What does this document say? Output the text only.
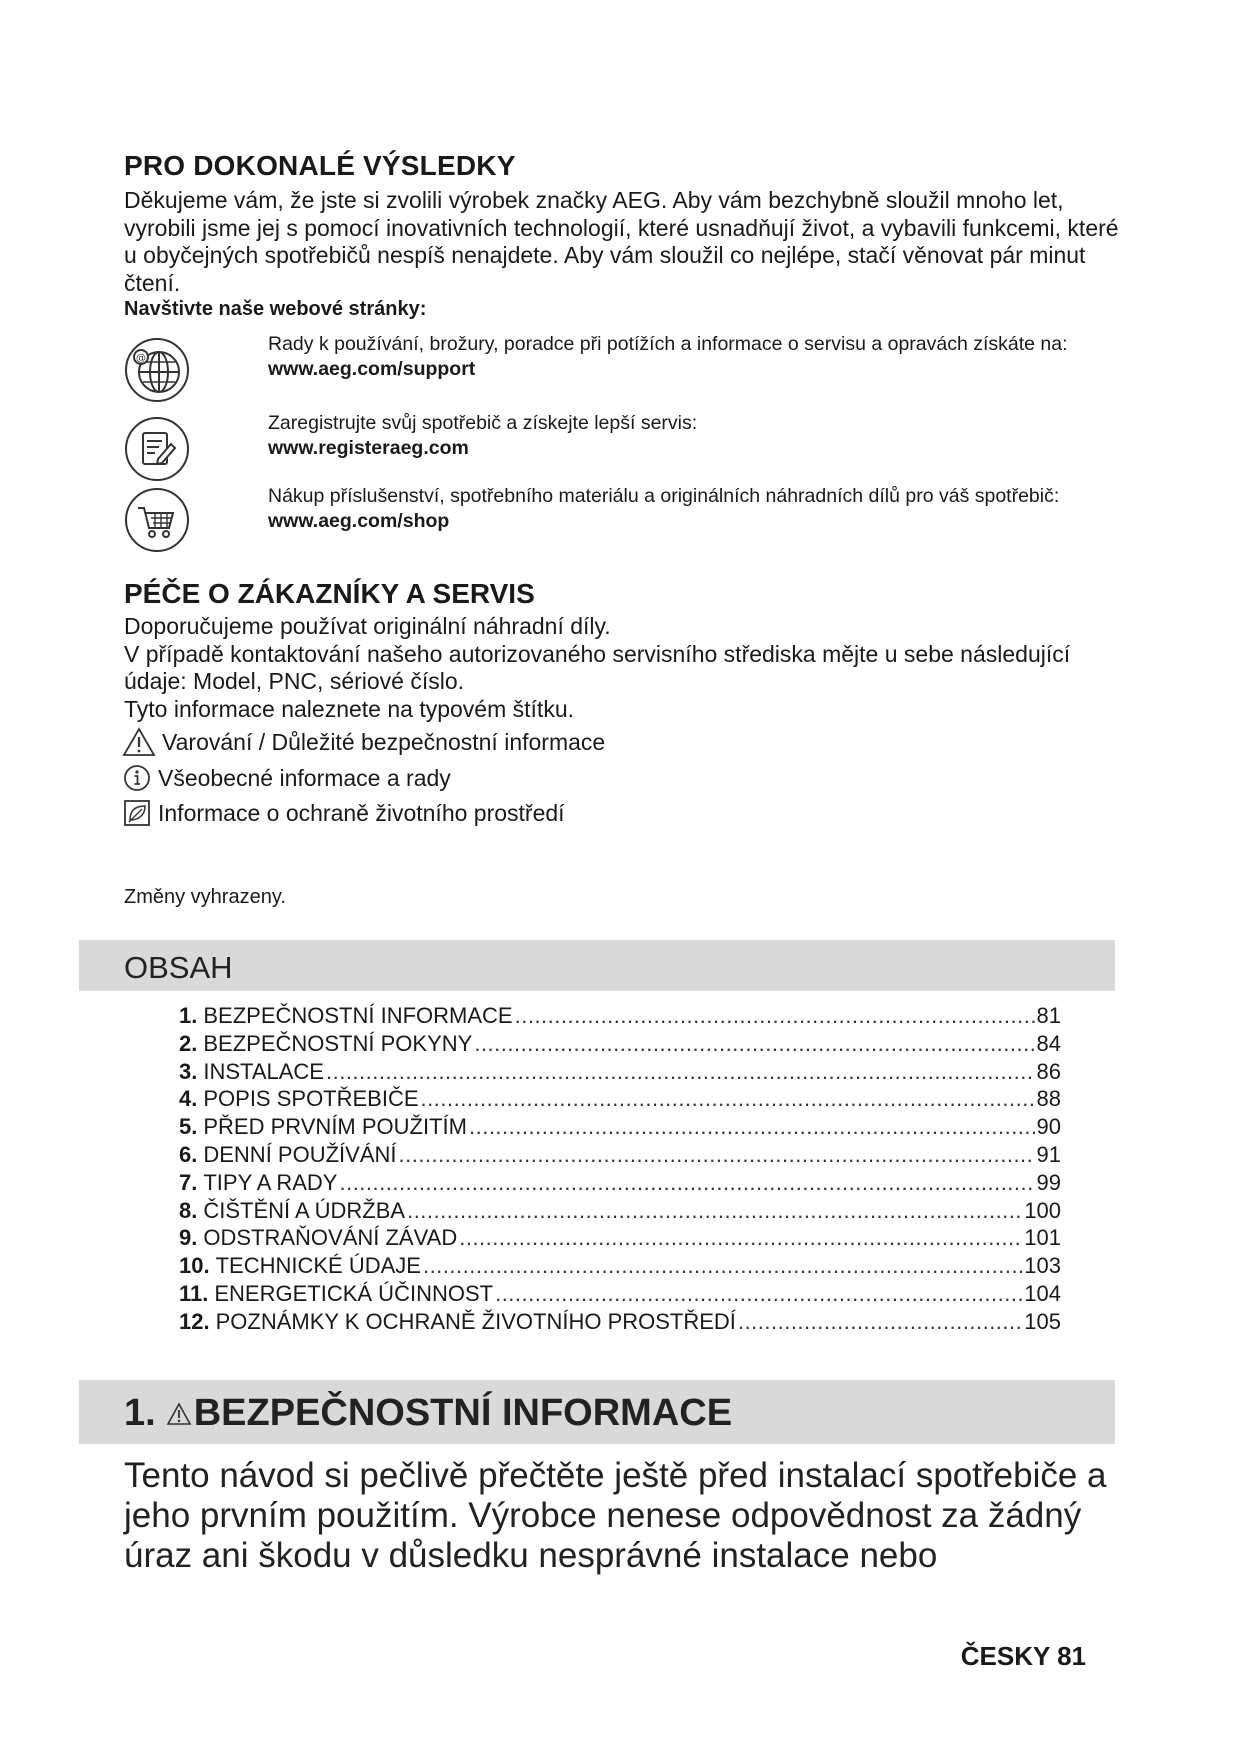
PRO DOKONALÉ VÝSLEDKY

Děkujeme vám, že jste si zvolili výrobek značky AEG. Aby vám bezchybně sloužil mnoho let, vyrobili jsme jej s pomocí inovativních technologií, které usnadňují život, a vybavili funkcemi, které u obyčejných spotřebičů nespíš nenajdete. Aby vám sloužil co nejlépe, stačí věnovat pár minut čtení.

Navštivte naše webové stránky:

@
Rady k používání, brožury, poradce při potížích a informace o servisu a opravách získáte na:
www.aeg.com/support
Zaregistrujte svůj spotřebič a získejte lepší servis:
www.registeraeg.com
Nákup příslušenství, spotřebního materiálu a originálních náhradních dílů pro váš spotřebič:
www.aeg.com/shop
PÉČE O ZÁKAZNÍKY A SERVIS

Doporučujeme používat originální náhradní díly.

V případě kontaktování našeho autorizovaného servisního střediska mějte u sebe následující údaje: Model, PNC, sériové číslo.

Tyto informace naleznete na typovém štítku.

Varování / Důležité bezpečnostní informace
Všeobecné informace a rady
Informace o ochraně životního prostředí

Změny vyhrazeny.

OBSAH
1. BEZPEČNOSTNÍ INFORMACE .....	81
2. BEZPEČNOSTNÍ POKYNY .....	84
3. INSTALACE .....	86
4. POPIS SPOTŘEBIČE .....	88
5. PŘED PRVNÍM POUŽITÍM .....	90
6. DENNÍ POUŽÍVÁNÍ .....	91
7. TIPY A RADY .....	99
8. ČIŠTĚNÍ A ÚDRŽBA .....	100
9. ODSTRAŇOVÁNÍ ZÁVAD .....	101
10. TECHNICKÉ ÚDAJE .....	103
11. ENERGETICKÁ ÚČINNOST .....	104
12. POZNÁMKY K OCHRANĚ ŽIVOTNÍHO PROSTŘEDÍ .....	105
1. BEZPEČNOSTNÍ INFORMACE

Tento návod si pečlivě přečtěte ještě před instalací spotřebiče a jeho prvním použitím. Výrobce nenese odpovědnost za žádný úraz ani škodu v důsledku nesprávné instalace nebo

ČESKY 81
